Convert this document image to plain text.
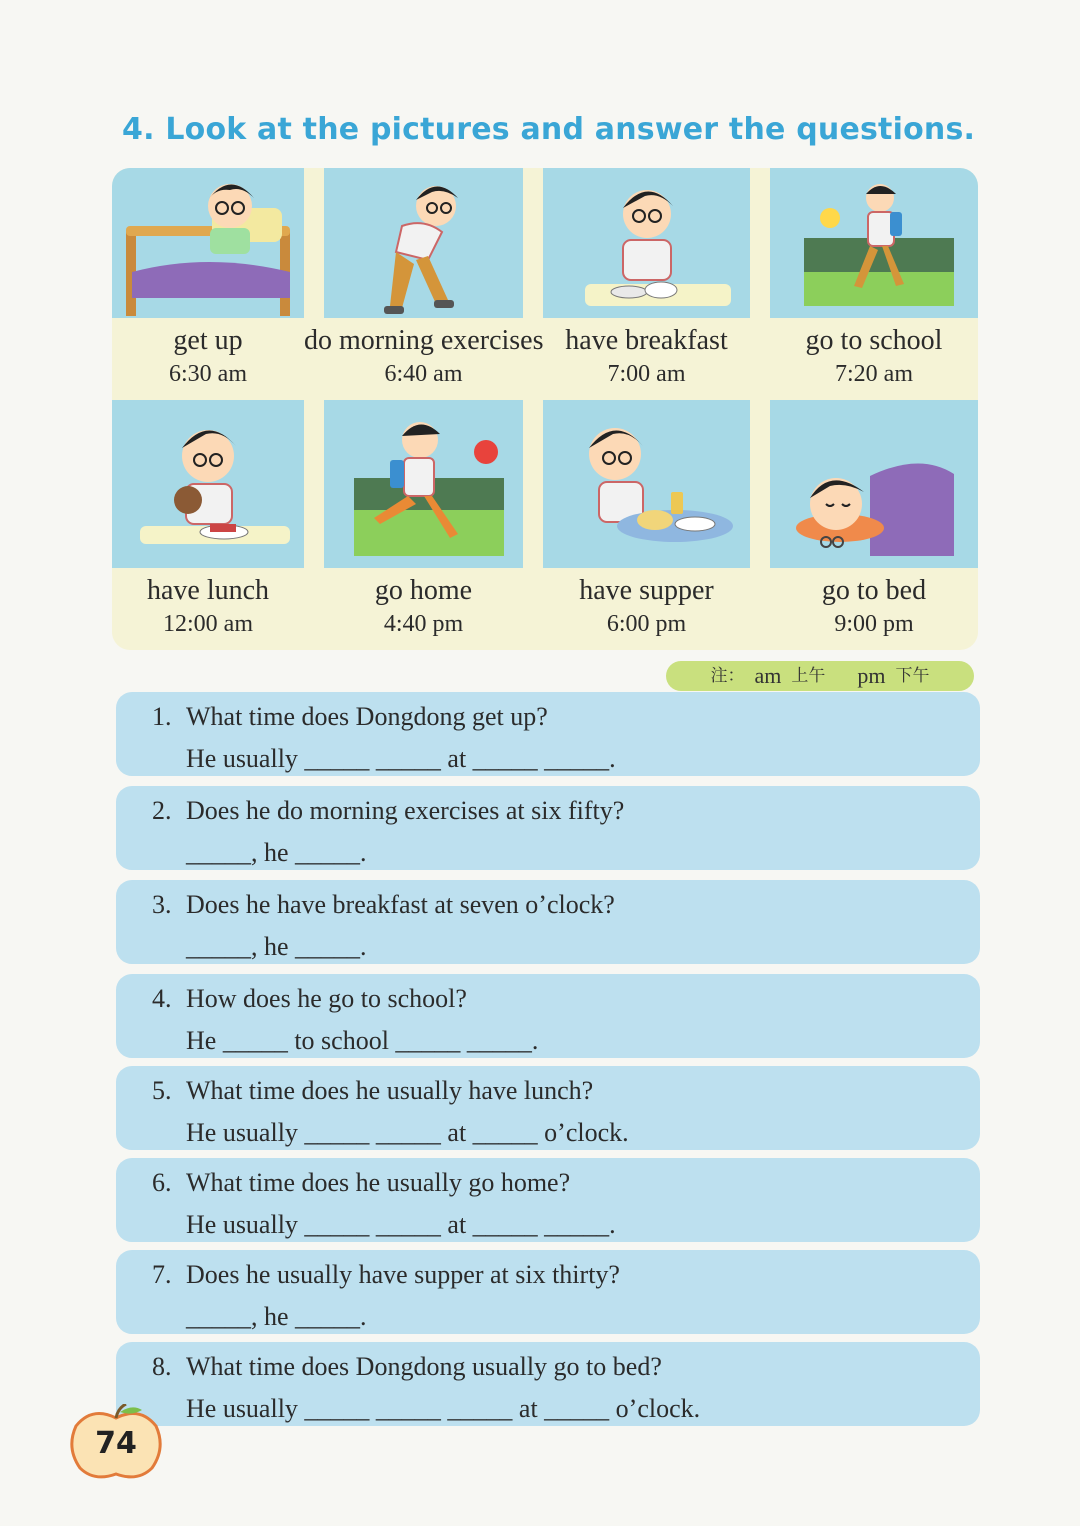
4. Look at the pictures and answer the questions.
get up
6:30 am
do morning exercises
6:40 am
have breakfast
7:00 am
go to school
7:20 am
have lunch
12:00 am
go home
4:40 pm
have supper
6:00 pm
go to bed
9:00 pm
注： am 上午 pm 下午
1. What time does Dongdong get up?
He usually _____ _____ at _____ _____.
2. Does he do morning exercises at six fifty?
_____, he _____.
3. Does he have breakfast at seven o’clock?
_____, he _____.
4. How does he go to school?
He _____ to school _____ _____.
5. What time does he usually have lunch?
He usually _____ _____ at _____ o’clock.
6. What time does he usually go home?
He usually _____ _____ at _____ _____.
7. Does he usually have supper at six thirty?
_____, he _____.
8. What time does Dongdong usually go to bed?
He usually _____ _____ _____ at _____ o’clock.
74
